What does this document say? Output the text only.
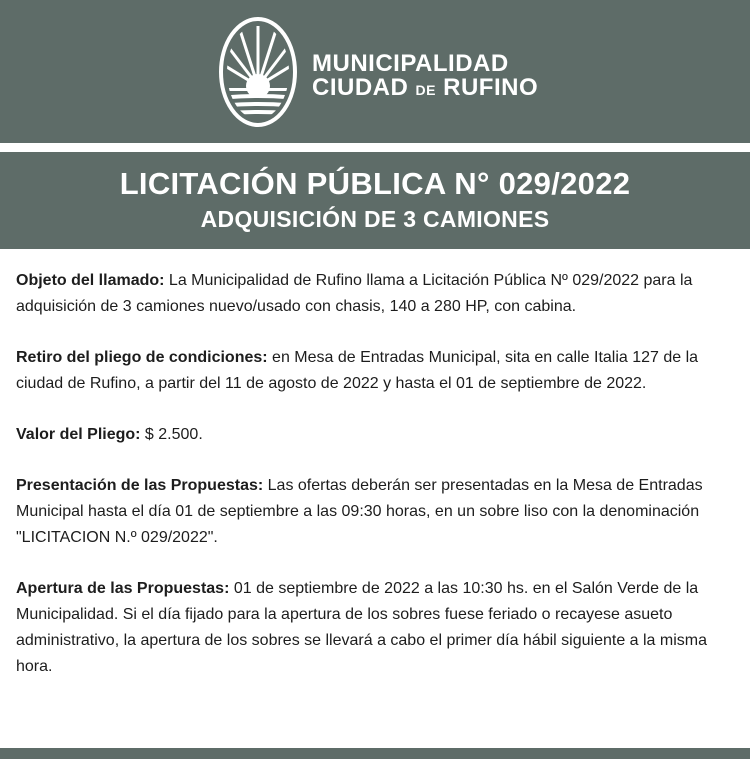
MUNICIPALIDAD
CIUDAD DE RUFINO
LICITACIÓN PÚBLICA N° 029/2022
ADQUISICIÓN DE 3 CAMIONES

Objeto del llamado: La Municipalidad de Rufino llama a Licitación Pública Nº 029/2022 para la adquisición de 3 camiones nuevo/usado con chasis, 140 a 280 HP, con cabina.

Retiro del pliego de condiciones: en Mesa de Entradas Municipal, sita en calle Italia 127 de la ciudad de Rufino, a partir del 11 de agosto de 2022 y hasta el 01 de septiembre de 2022.

Valor del Pliego: $ 2.500.

Presentación de las Propuestas: Las ofertas deberán ser presentadas en la Mesa de Entradas Municipal hasta el día 01 de septiembre a las 09:30 horas, en un sobre liso con la denominación "LICITACION N.º 029/2022".

Apertura de las Propuestas: 01 de septiembre de 2022 a las 10:30 hs. en el Salón Verde de la Municipalidad. Si el día fijado para la apertura de los sobres fuese feriado o recayese asueto administrativo, la apertura de los sobres se llevará a cabo el primer día hábil siguiente a la misma hora.
